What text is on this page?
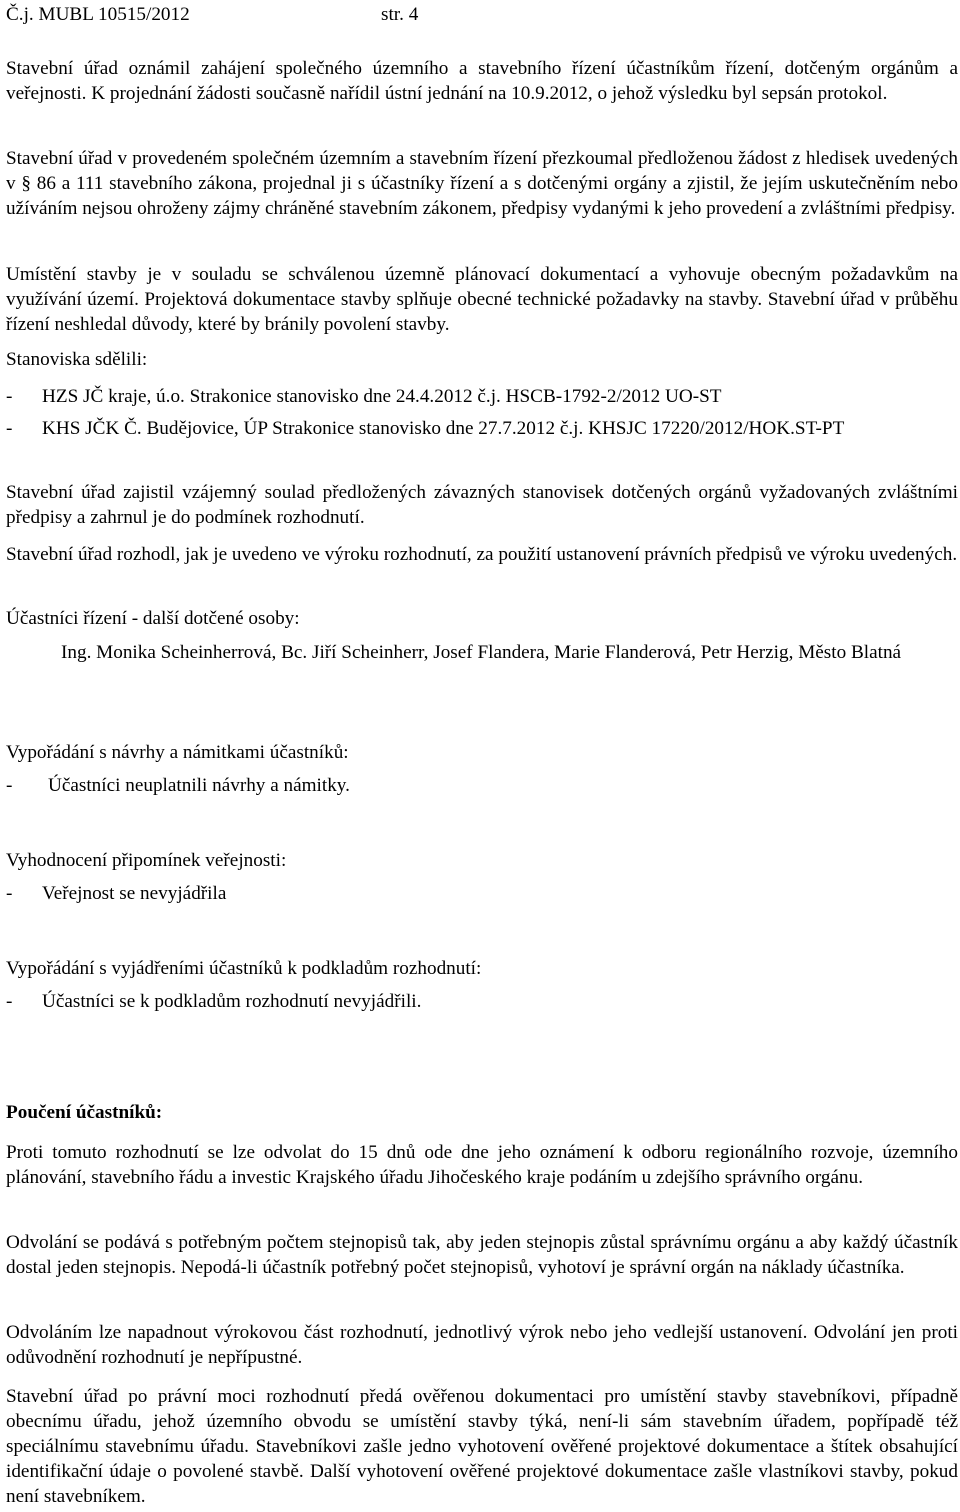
Č.j. MUBL 10515/2012	str. 4

Stavební úřad oznámil zahájení společného územního a stavebního řízení účastníkům řízení, dotčeným orgánům a veřejnosti. K projednání žádosti současně nařídil ústní jednání na 10.9.2012, o jehož výsledku byl sepsán protokol.

Stavební úřad v provedeném společném územním a stavebním řízení přezkoumal předloženou žádost z hledisek uvedených v § 86 a 111 stavebního zákona, projednal ji s účastníky řízení a s dotčenými orgány a zjistil, že jejím uskutečněním nebo užíváním nejsou ohroženy zájmy chráněné stavebním zákonem, předpisy vydanými k jeho provedení a zvláštními předpisy.

Umístění stavby je v souladu se schválenou územně plánovací dokumentací a vyhovuje obecným požadavkům na využívání území. Projektová dokumentace stavby splňuje obecné technické požadavky na stavby. Stavební úřad v průběhu řízení neshledal důvody, které by bránily povolení stavby.

Stanoviska sdělili:
- HZS JČ kraje, ú.o. Strakonice stanovisko dne 24.4.2012 č.j. HSCB-1792-2/2012 UO-ST
- KHS JČK Č. Budějovice, ÚP Strakonice stanovisko dne 27.7.2012 č.j. KHSJC 17220/2012/HOK.ST-PT

Stavební úřad zajistil vzájemný soulad předložených závazných stanovisek dotčených orgánů vyžadovaných zvláštními předpisy a zahrnul je do podmínek rozhodnutí.

Stavební úřad rozhodl, jak je uvedeno ve výroku rozhodnutí, za použití ustanovení právních předpisů ve výroku uvedených.

Účastníci řízení - další dotčené osoby:
Ing. Monika Scheinherrová, Bc. Jiří Scheinherr, Josef Flandera, Marie Flanderová, Petr Herzig, Město Blatná
Vypořádání s návrhy a námitkami účastníků:
- Účastníci neuplatnili návrhy a námitky.
Vyhodnocení připomínek veřejnosti:
- Veřejnost se nevyjádřila
Vypořádání s vyjádřeními účastníků k podkladům rozhodnutí:
- Účastníci se k podkladům rozhodnutí nevyjádřili.
Poučení účastníků:

Proti tomuto rozhodnutí se lze odvolat do 15 dnů ode dne jeho oznámení k odboru regionálního rozvoje, územního plánování, stavebního řádu a investic Krajského úřadu Jihočeského kraje podáním u zdejšího správního orgánu.

Odvolání se podává s potřebným počtem stejnopisů tak, aby jeden stejnopis zůstal správnímu orgánu a aby každý účastník dostal jeden stejnopis. Nepodá-li účastník potřebný počet stejnopisů, vyhotoví je správní orgán na náklady účastníka.

Odvoláním lze napadnout výrokovou část rozhodnutí, jednotlivý výrok nebo jeho vedlejší ustanovení. Odvolání jen proti odůvodnění rozhodnutí je nepřípustné.

Stavební úřad po právní moci rozhodnutí předá ověřenou dokumentaci pro umístění stavby stavebníkovi, případně obecnímu úřadu, jehož územního obvodu se umístění stavby týká, není-li sám stavebním úřadem, popřípadě též speciálnímu stavebnímu úřadu. Stavebníkovi zašle jedno vyhotovení ověřené projektové dokumentace a štítek obsahující identifikační údaje o povolené stavbě. Další vyhotovení ověřené projektové dokumentace zašle vlastníkovi stavby, pokud není stavebníkem.
